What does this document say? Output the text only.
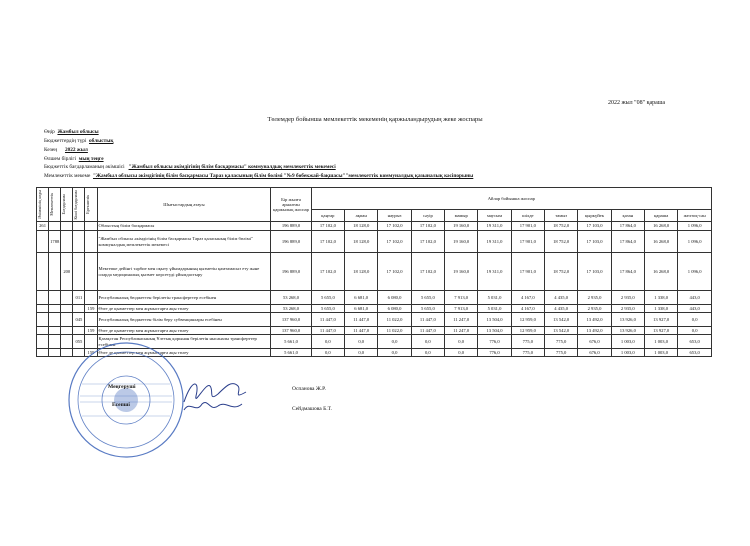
2022 жыл "08" қараша
Төлемдер бойынша мемлекеттік мекеменің қаржыландырудың жеке жоспары
Өңір Жамбыл облысы
Бюджеттердің түрі облыстық
Кезең 2022 жыл
Өлшем бірлігі мың теңге
Бюджеттік бағдарламаның әкімшісі "Жамбыл облысы әкімдігінің білім басқармасы" коммуналдық мемлекеттік мекемесі
Мемлекеттік мекеме "Жамбыл облысы әкімдігінің білім басқармасы Тараз қаласының білім бөлімі "№9 бөбекжай-бақшасы""мемлекеттік коммуналдық қазыналық кәсіпорыны
Әкімшінің коды	Мемлекеттік	Бағдарлама	Кіші бағдарлама	Ерекшелік	Шығыстардың атауы	Бір жылға арналған қаржылық жоспар	Айлар бойынша жоспар											
							қаңтар	ақпан	наурыз	сәуір	мамыр	маусым	шілде	тамыз	қыркүйек	қазан	қараша	желтоқ-сан
261					Облыстың білім басқармасы	196 889,0	17 102,0	18 128,0	17 102,0	17 102,0	19 160,0	19 311,0	17 901,0	18 752,0	17 103,0	17 864,0	16 268,0	1 096,0
	1788				"Жамбыл облысы әкімдігінің білім басқармасы Тараз қаласының білім бөлімі" коммуналдық мемлекеттік мекемесі	196 889,0	17 102,0	18 128,0	17 102,0	17 102,0	19 160,0	19 311,0	17 901,0	18 752,0	17 103,0	17 864,0	16 268,0	1 096,0
		200			Мектепке дейінгі тәрбие мен оқыту ұйымдарының қызметін қамтамасыз ету және оларда медициналық қызмет көрсетуді ұйымдастыру	196 889,0	17 102,0	18 128,0	17 102,0	17 102,0	19 160,0	19 311,0	17 901,0	18 752,0	17 103,0	17 864,0	16 268,0	1 096,0
			011		Республикалық бюджеттен берілетін трансферттер есебінен	53 268,0	5 655,0	6 681,0	6 080,0	5 655,0	7 913,0	5 031,0	4 167,0	4 435,0	2 935,0	2 935,0	1 338,0	443,0
				159	Өзге де қызметтер мен жұмыстарға ақы төлеу	53 268,0	5 655,0	6 681,0	6 080,0	5 655,0	7 913,0	5 031,0	4 167,0	4 435,0	2 935,0	2 935,0	1 338,0	443,0
			045		Республикалық бюджеттен білім беру субвенциялары есебінен	137 960,0	11 447,0	11 447,0	11 022,0	11 447,0	11 247,0	13 504,0	12 959,0	13 542,0	13 492,0	13 926,0	13 927,0	0,0
				159	Өзге де қызметтер мен жұмыстарға ақы төлеу	137 960,0	11 447,0	11 447,0	11 022,0	11 447,0	11 247,0	13 504,0	12 959,0	13 542,0	13 492,0	13 926,0	13 927,0	0,0
			055		Қазақстан Республикасының Ұлттық қорынан берілетін нысаналы трансферттер есебінен	5 661,0	0,0	0,0	0,0	0,0	0,0	776,0	775,0	775,0	676,0	1 003,0	1 003,0	653,0
				159	Өзге де қызметтер мен жұмыстарға ақы төлеу	5 661,0	0,0	0,0	0,0	0,0	0,0	776,0	775,0	775,0	676,0	1 003,0	1 003,0	653,0
Меңгеруші	Оспанова Ж.Р.
Есепші
Сейдмашова Б.Т.
